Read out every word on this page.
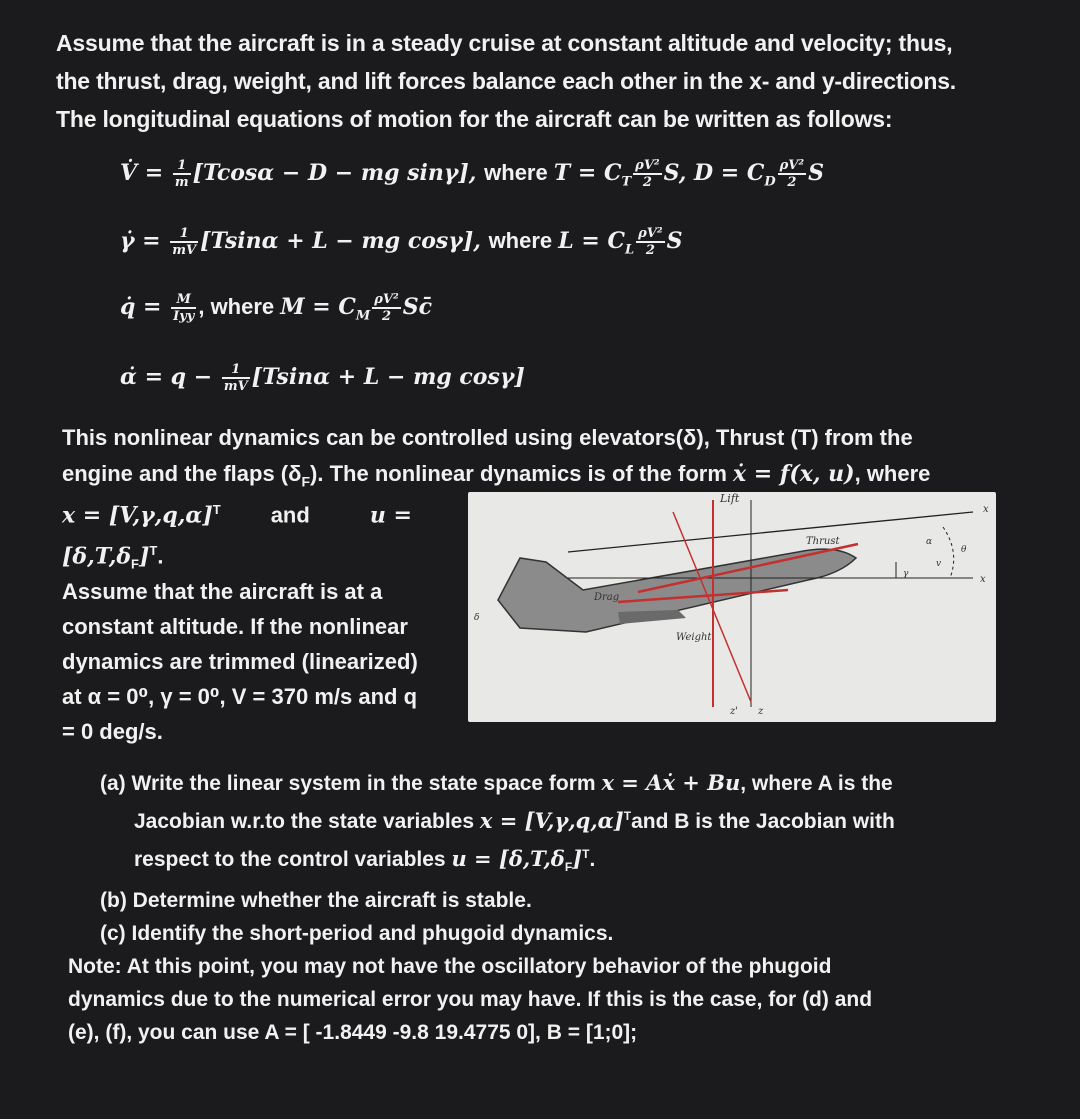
Assume that the aircraft is in a steady cruise at constant altitude and velocity; thus,
the thrust, drag, weight, and lift forces balance each other in the x- and y-directions.
The longitudinal equations of motion for the aircraft can be written as follows:
V̇ = $\frac{1}{m} [Tcos\alpha - D$ − mg sinγ], where $T = C_T \frac{\text{ρV²}}{2} S$, $D = C_D \frac{\text{ρV²}}{2}$ S
γ̇ = $\frac{1}{mV} [Tsin\alpha + L$ − mg cosγ], where $L = C_L \frac{\text{ρV²}}{2}$ S
q̇ = $\frac{M}{\text{Iyy}}$ , where $M = C_M \frac{\text{ρV²}}{2}$ Sc̄
α̇ = $q - \frac{1}{mV} [Tsin\alpha + L$ − mg cosγ]
This nonlinear dynamics can be controlled using elevators(δ), Thrust (T) from the
engine and the flaps $(\delta_F)$. The nonlinear dynamics is of the form ẋ = f(x, u), where
$x = [V,\gamma,q,\alpha]^T$ and	u =
$[\delta,T,\delta_F]^T$.
Assume that the aircraft is at a
constant altitude. If the nonlinear
dynamics are trimmed (linearized)
at α = 0⁰, γ = 0⁰, V = 370 m/s and q
= 0 deg/s.
Lift
Thrust
Drag
Weight
x
x
z' z
α
γ
θ
v
δ
(a) Write the linear system in the state space form x = Aẋ + Bu, where A is the
Jacobian w.r.to the state variables $x = [V,\gamma,q,\alpha]^Tand$ B is the Jacobian with
respect to the control variables $u = [\delta,T,\delta_F]^T$.
(b) Determine whether the aircraft is stable.
(c) Identify the short-period and phugoid dynamics.
Note: At this point, you may not have the oscillatory behavior of the phugoid
dynamics due to the numerical error you may have. If this is the case, for (d) and
(e), (f), you can use A = [ -1.8449 -9.8 19.4775 0], B = [1;0];
